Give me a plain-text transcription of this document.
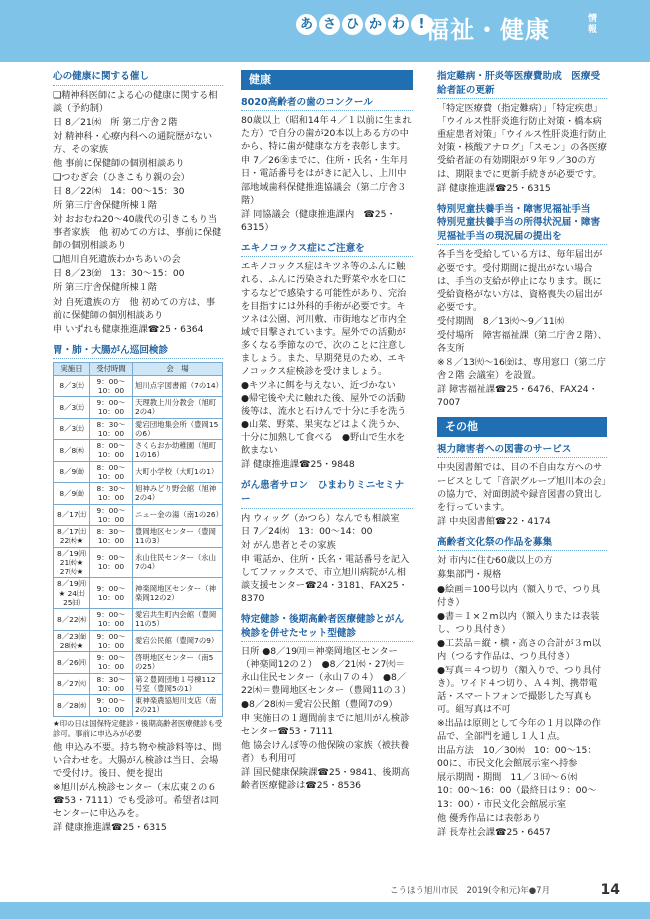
あ さ ひ か わ	! 福祉・健康	情報
心の健康に関する催し
❑精神科医師による心の健康に関する相談（予約制）
日 8／21㈬　所 第二庁舎２階
対 精神科・心療内科への通院歴がない方、その家族
他 事前に保健師の個別相談あり
❑つむぎ会（ひきこもり親の会）
日 8／22㈭　14：00～15：30
所 第三庁舎保健所棟１階
対 おおむね20～40歳代の引きこもり当事者家族　他 初めての方は、事前に保健師の個別相談あり
❑旭川自死遺族わかちあいの会
日 8／23㈮　13：30～15：00
所 第三庁舎保健所棟１階
対 自死遺族の方　他 初めての方は、事前に保健師の個別相談あり
申 いずれも健康推進課☎25・6364
胃・肺・大腸がん巡回検診
実施日	受付時間	会　場
8／3㈯	9：00～10：00	旭川点字図書館（7の14）
8／3㈯	9：00～10：00	天理教上川分教会（旭町2の4）
8／3㈯	8：30～10：00	愛宕団地集会所（豊岡15の6）
8／8㈭	8：00～10：00	さくらおか幼稚園（旭町1の16）
8／9㈮	8：00～10：00	大町小学校（大町1の1）
8／9㈮	8：30～10：00	旭神みどり野会館（旭神2の4）
8／17㈯	9：00～10：00	ニュー金の湯（南1の26）
8／17㈯ 22㈭★	8：30～10：00	豊岡地区センター（豊岡11の3）
8／19㈪ 21㈬★ 27㈫★	9：00～10：00	永山住民センター（永山7の4）
8／19㈪★ 24㈯ 25㈰	9：00～10：00	神楽岡地区センター（神楽岡12の2）
8／22㈭	9：00～10：00	愛宕共生町内会館（豊岡11の5）
8／23㈮ 28㈬★	9：00～10：00	愛宕公民館（豊岡7の9）
8／26㈪	9：00～10：00	啓明地区センター（南5の25）
8／27㈫	8：30～10：00	第２豊岡団地１号棟112号室（豊岡5の1）
8／28㈬	9：00～10：00	東神楽農協旭川支店（南2の21）
★印の日は国保特定健診・後期高齢者医療健診も受診可。事前に申込みが必要
他 申込み不要。持ち物や検診料等は、問い合わせを。大腸がん検診は当日、会場で受付け。後日、便を提出
※旭川がん検診センター（末広東２の６　☎53・7111）でも受診可。希望者は同センターに申込みを。
詳 健康推進課☎25・6315
健康
8020高齢者の歯のコンクール
80歳以上（昭和14年４／１以前に生まれた方）で自分の歯が20本以上ある方の中から、特に歯が健康な方を表彰します。
申 7／26㊎までに、住所・氏名・生年月日・電話番号をはがきに記入し、上川中部地域歯科保健推進協議会（第二庁舎３階）
詳 同協議会（健康推進課内　☎25・6315）
エキノコックス症にご注意を
エキノコックス症はキツネ等のふんに触れる、ふんに汚染された野菜や水を口にするなどで感染する可能性があり、完治を目指すには外科的手術が必要です。キツネは公園、河川敷、市街地など市内全域で目撃されています。屋外での活動が多くなる季節なので、次のことに注意しましょう。また、早期発見のため、エキノコックス症検診を受けましょう。
●キツネに餌を与えない、近づかない　●帰宅後や犬に触れた後、屋外での活動後等は、流水と石けんで十分に手を洗う　●山菜、野菜、果実などはよく洗うか、十分に加熱して食べる　●野山で生水を飲まない
詳 健康推進課☎25・9848
がん患者サロン　ひまわりミニセミナー
内 ウィッグ（かつら）なんでも相談室　日 7／24㈬　13：00～14：00
対 がん患者とその家族
申 電話か、住所・氏名・電話番号を記入してファックスで、市立旭川病院がん相談支援センター☎24・3181、FAX25・8370
特定健診・後期高齢者医療健診とがん検診を併せたセット型健診
日所 ●8／19㈪＝神楽岡地区センター（神楽岡12の２）　●8／21㈬・27㈫＝永山住民センター（永山７の４）　●8／22㈭＝豊岡地区センター（豊岡11の３）　●8／28㈬＝愛宕公民館（豊岡7の9）
申 実施日の１週間前までに旭川がん検診センター☎53・7111
他 協会けんぽ等の他保険の家族（被扶養者）も利用可
詳 国民健康保険課☎25・9841、後期高齢者医療健診は☎25・8536
指定難病・肝炎等医療費助成　医療受給者証の更新
「特定医療費（指定難病）」「特定疾患」「ウイルス性肝炎進行防止対策・橋本病重症患者対策」「ウイルス性肝炎進行防止対策・核酸アナログ」「スモン」の各医療受給者証の有効期限が９年９／30の方は、期限までに更新手続きが必要です。
詳 健康推進課☎25・6315
特別児童扶養手当・障害児福祉手当　特別児童扶養手当の所得状況届・障害児福祉手当の現況届の提出を
各手当を受給している方は、毎年届出が必要です。受付期間に提出がない場合は、手当の支給が停止になります。既に受給資格がない方は、資格喪失の届出が必要です。
受付期間　8／13㈫～9／11㈬
受付場所　障害福祉課（第二庁舎２階）、各支所
※８／13㈫～16㈮は、専用窓口（第二庁舎２階 会議室）を設置。
詳 障害福祉課☎25・6476、FAX24・7007
その他
視力障害者への図書のサービス
中央図書館では、目の不自由な方へのサービスとして「音訳グループ旭川本の会」の協力で、対面朗読や録音図書の貸出しを行っています。
詳 中央図書館☎22・4174
高齢者文化祭の作品を募集
対 市内に住む60歳以上の方
募集部門・規格
●絵画＝100号以内（額入りで、つり具付き）
●書＝１×２m以内（額入りまたは表装し、つり具付き）
●工芸品＝縦・横・高さの合計が３m以内（つるす作品は、つり具付き）
●写真＝４つ切り（額入りで、つり具付き）。ワイド４つ切り、Ａ４判、携帯電話・スマートフォンで撮影した写真も可。組写真は不可
※出品は原則として今年の１月以降の作品で、全部門を通し１人１点。
出品方法　10／30㈬　10：00～15：00に、市民文化会館展示室へ持参
展示期間・期間　11／３㈰～６㈬　10：00～16：00（最終日は９：00～13：00）・市民文化会館展示室
他 優秀作品には表彰あり
詳 長寿社会課☎25・6457
こうほう旭川市民　2019(令和元)年●7月	14
